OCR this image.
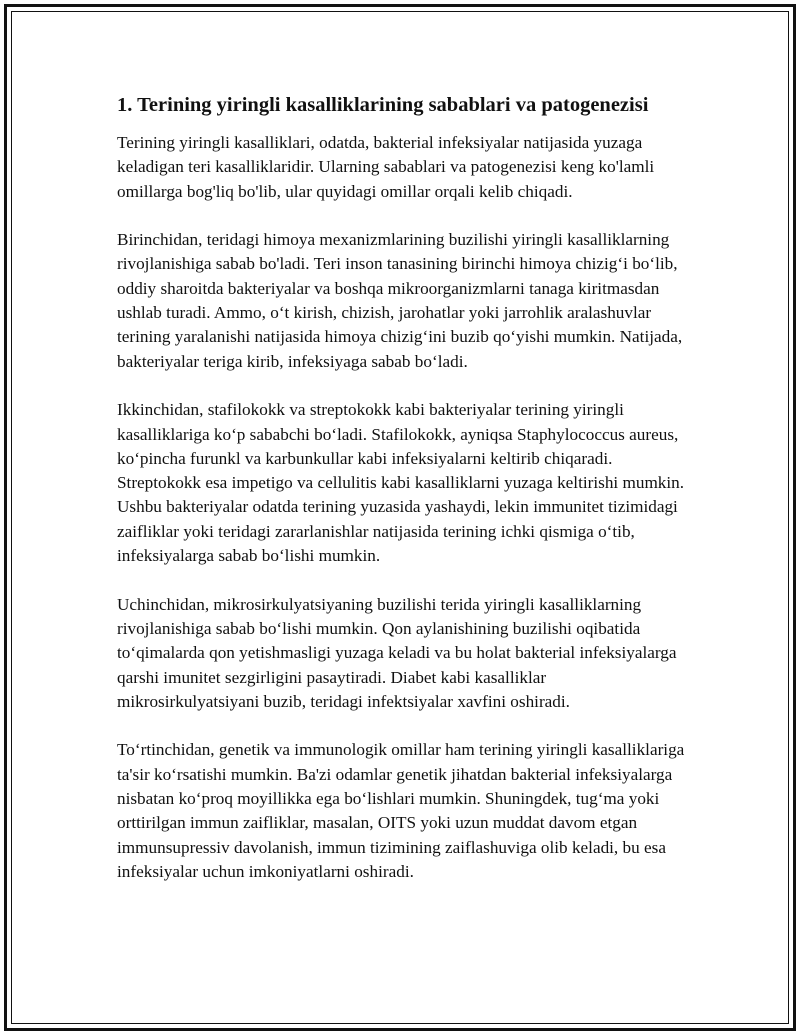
1. Terining yiringli kasalliklarining sabablari va patogenezisi

Terining yiringli kasalliklari, odatda, bakterial infeksiyalar natijasida yuzaga keladigan teri kasalliklaridir. Ularning sabablari va patogenezisi keng ko'lamli omillarga bog'liq bo'lib, ular quyidagi omillar orqali kelib chiqadi.

Birinchidan, teridagi himoya mexanizmlarining buzilishi yiringli kasalliklarning rivojlanishiga sabab bo'ladi. Teri inson tanasining birinchi himoya chizig‘i bo‘lib, oddiy sharoitda bakteriyalar va boshqa mikroorganizmlarni tanaga kiritmasdan ushlab turadi. Ammo, o‘t kirish, chizish, jarohatlar yoki jarrohlik aralashuvlar terining yaralanishi natijasida himoya chizig‘ini buzib qo‘yishi mumkin. Natijada, bakteriyalar teriga kirib, infeksiyaga sabab bo‘ladi.

Ikkinchidan, stafilokokk va streptokokk kabi bakteriyalar terining yiringli kasalliklariga ko‘p sababchi bo‘ladi. Stafilokokk, ayniqsa Staphylococcus aureus, ko‘pincha furunkl va karbunkullar kabi infeksiyalarni keltirib chiqaradi. Streptokokk esa impetigo va cellulitis kabi kasalliklarni yuzaga keltirishi mumkin. Ushbu bakteriyalar odatda terining yuzasida yashaydi, lekin immunitet tizimidagi zaifliklar yoki teridagi zararlanishlar natijasida terining ichki qismiga o‘tib, infeksiyalarga sabab bo‘lishi mumkin.

Uchinchidan, mikrosirkulyatsiyaning buzilishi terida yiringli kasalliklarning rivojlanishiga sabab bo‘lishi mumkin. Qon aylanishining buzilishi oqibatida to‘qimalarda qon yetishmasligi yuzaga keladi va bu holat bakterial infeksiyalarga qarshi imunitet sezgirligini pasaytiradi. Diabet kabi kasalliklar mikrosirkulyatsiyani buzib, teridagi infektsiyalar xavfini oshiradi.

To‘rtinchidan, genetik va immunologik omillar ham terining yiringli kasalliklariga ta'sir ko‘rsatishi mumkin. Ba'zi odamlar genetik jihatdan bakterial infeksiyalarga nisbatan ko‘proq moyillikka ega bo‘lishlari mumkin. Shuningdek, tug‘ma yoki orttirilgan immun zaifliklar, masalan, OITS yoki uzun muddat davom etgan immunsupressiv davolanish, immun tizimining zaiflashuviga olib keladi, bu esa infeksiyalar uchun imkoniyatlarni oshiradi.
